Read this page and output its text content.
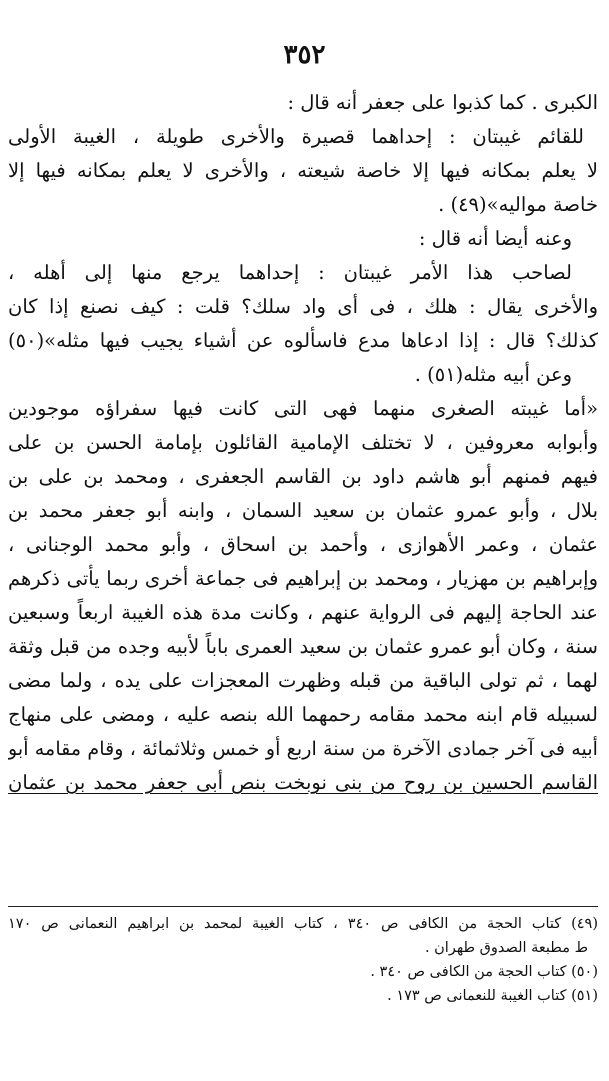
٣٥٢
الكبرى . كما كذبوا على جعفر أنه قال :
للقائم غيبتان : إحداهما قصيرة والأخرى طويلة ، الغيبة الأولى
لا يعلم بمكانه فيها إلا خاصة شيعته ، والأخرى لا يعلم بمكانه فيها إلا
خاصة مواليه»(٤٩) .
وعنه أيضا أنه قال :
لصاحب هذا الأمر غيبتان : إحداهما يرجع منها إلى أهله ،
والأخرى يقال : هلك ، فى أى واد سلك؟ قلت : كيف نصنع إذا كان
كذلك؟ قال : إذا ادعاها مدع فاسألوه عن أشياء يجيب فيها مثله»(٥٠)
وعن أبيه مثله(٥١) .
«أما غيبته الصغرى منهما فهى التى كانت فيها سفراؤه موجودين
وأبوابه معروفين ، لا تختلف الإمامية القائلون بإمامة الحسن بن على
فيهم فمنهم أبو هاشم داود بن القاسم الجعفرى ، ومحمد بن على بن
بلال ، وأبو عمرو عثمان بن سعيد السمان ، وابنه أبو جعفر محمد بن
عثمان ، وعمر الأهوازى ، وأحمد بن اسحاق ، وأبو محمد الوجنانى ،
وإبراهيم بن مهزيار ، ومحمد بن إبراهيم فى جماعة أخرى ربما يأتى ذكرهم
عند الحاجة إليهم فى الرواية عنهم ، وكانت مدة هذه الغيبة اربعاً وسبعين
سنة ، وكان أبو عمرو عثمان بن سعيد العمرى باباً لأبيه وجده من قبل وثقة
لهما ، ثم تولى الباقية من قبله وظهرت المعجزات على يده ، ولما مضى
لسبيله قام ابنه محمد مقامه رحمهما الله بنصه عليه ، ومضى على منهاج
أبيه فى آخر جمادى الآخرة من سنة اربع أو خمس وثلاثمائة ، وقام مقامه أبو
القاسم الحسين بن روح من بنى نوبخت بنص أبى جعفر محمد بن عثمان
(٤٩) كتاب الحجة من الكافى ص ٣٤٠ ، كتاب الغيبة لمحمد بن ابراهيم النعمانى ص ١٧٠
ط مطبعة الصدوق طهران .
(٥٠) كتاب الحجة من الكافى ص ٣٤٠ .
(٥١) كتاب الغيبة للنعمانى ص ١٧٣ .
